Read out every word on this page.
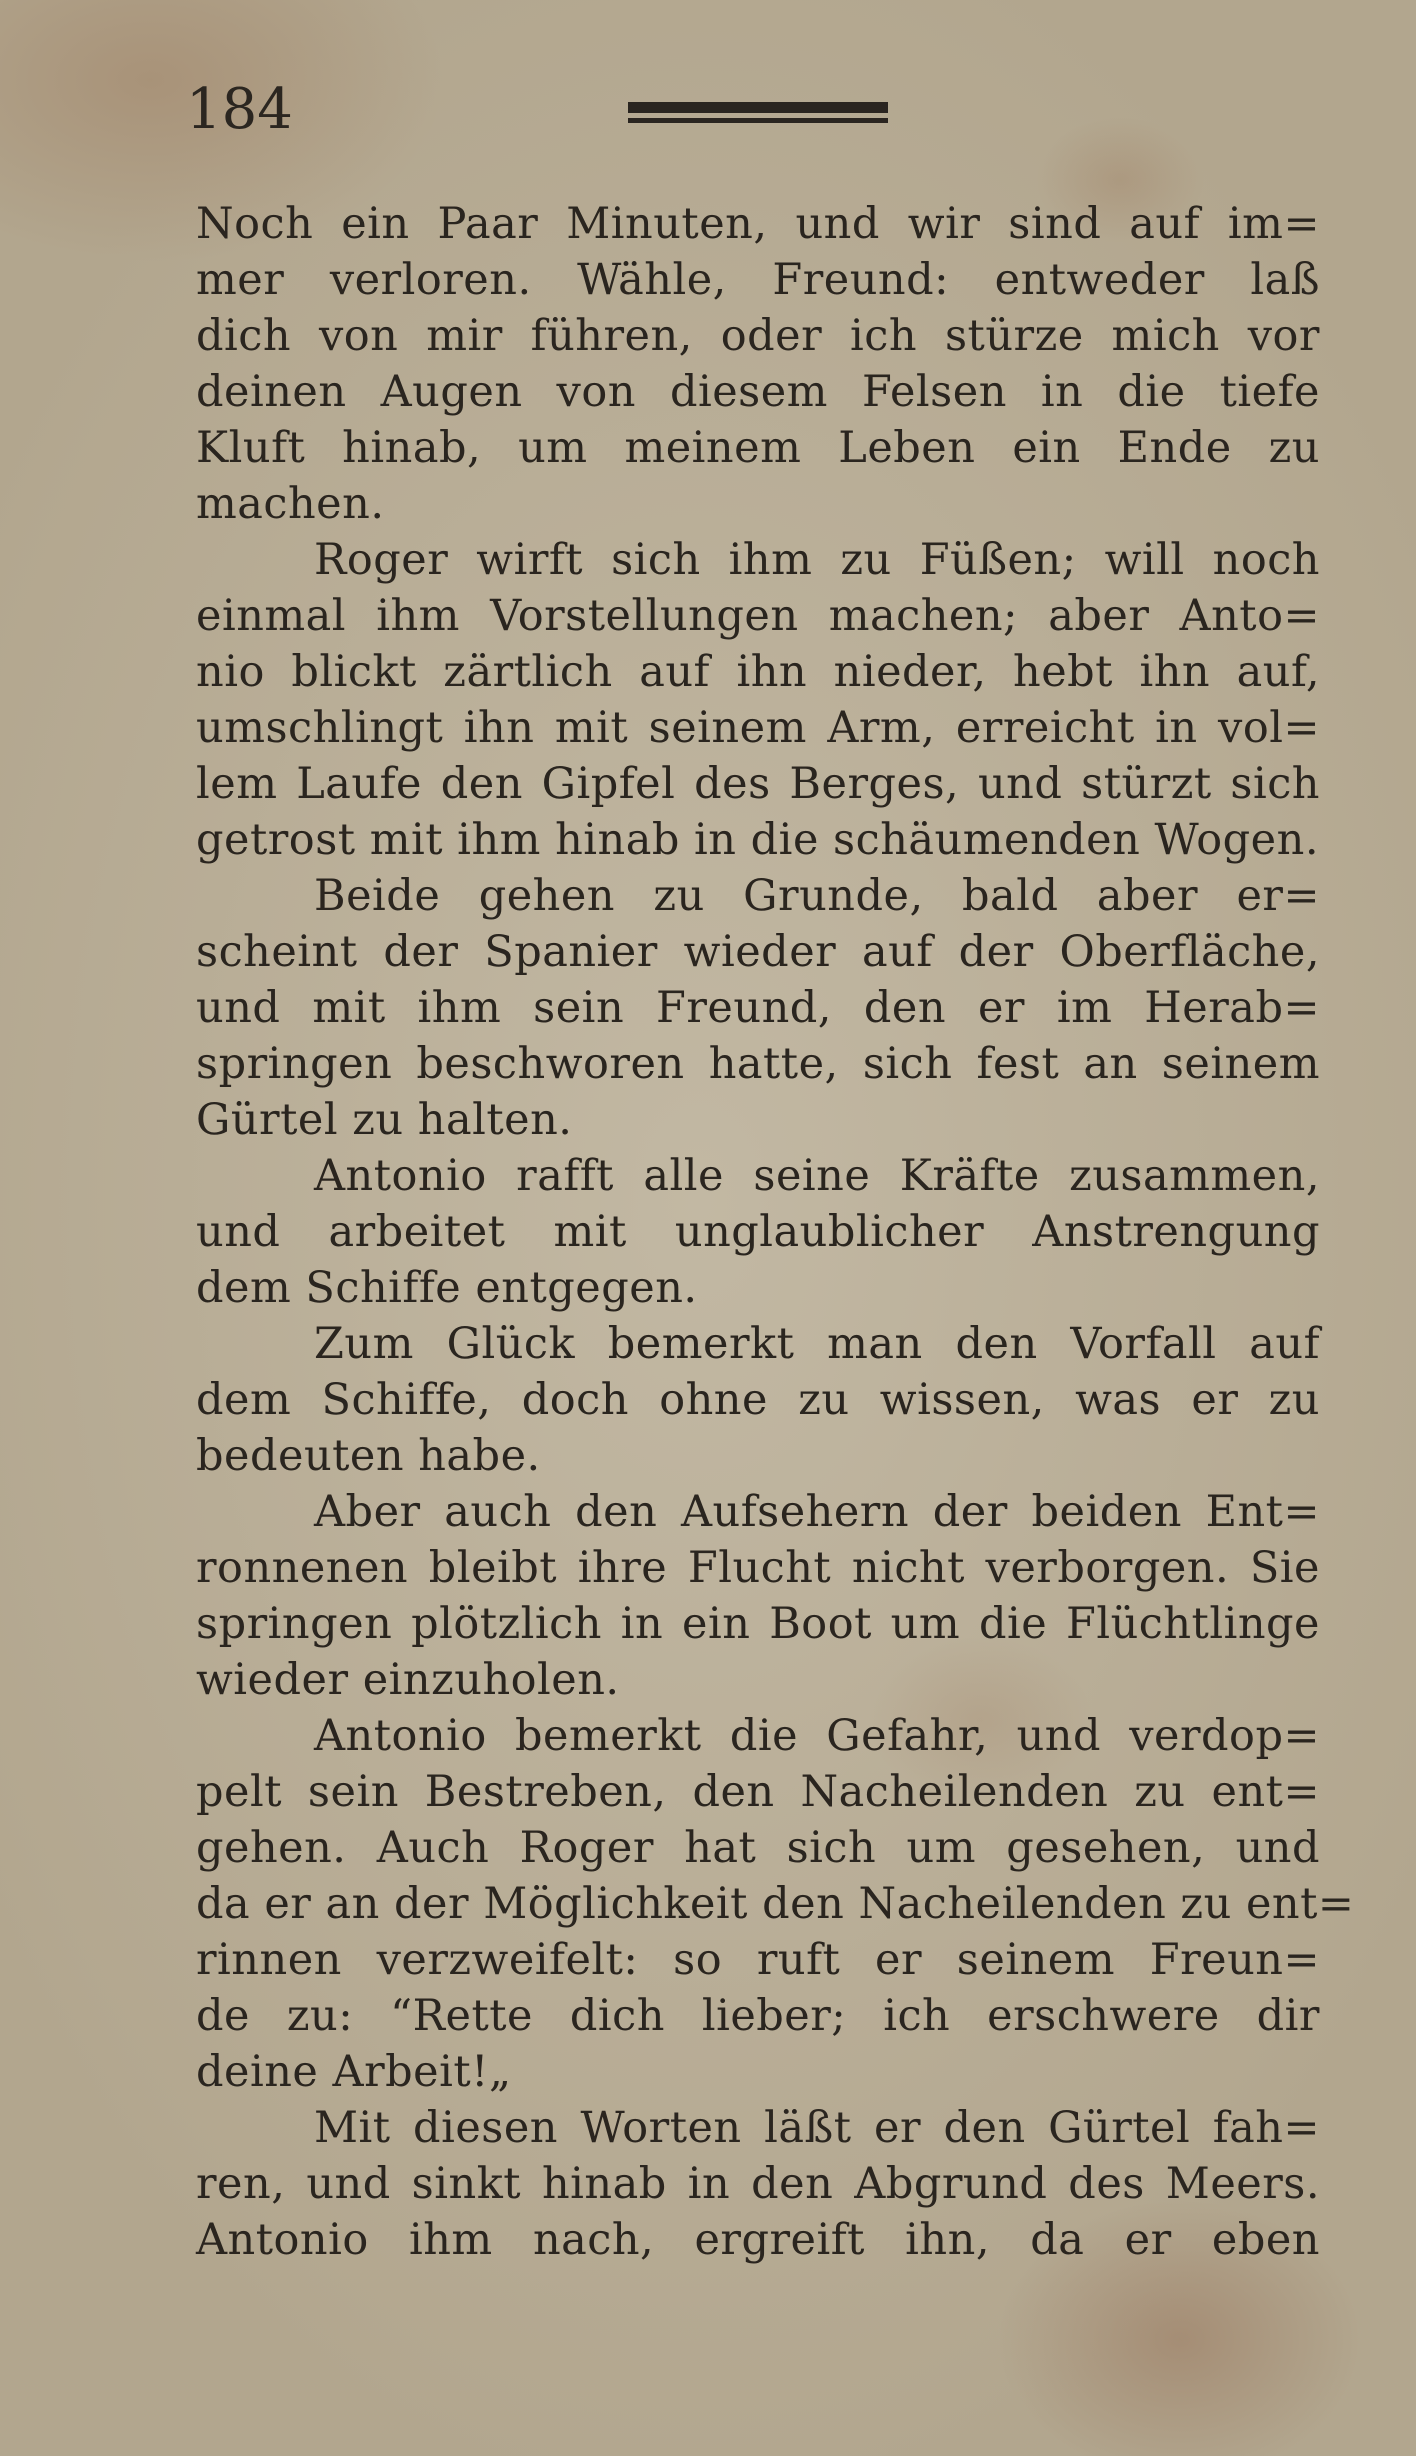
184
Noch ein Paar Minuten, und wir sind auf im=
mer verloren. Wähle, Freund: entweder laß
dich von mir führen, oder ich stürze mich vor
deinen Augen von diesem Felsen in die tiefe
Kluft hinab, um meinem Leben ein Ende zu
machen.
Roger wirft sich ihm zu Füßen; will noch
einmal ihm Vorstellungen machen; aber Anto=
nio blickt zärtlich auf ihn nieder, hebt ihn auf,
umschlingt ihn mit seinem Arm, erreicht in vol=
lem Laufe den Gipfel des Berges, und stürzt sich
getrost mit ihm hinab in die schäumenden Wogen.
Beide gehen zu Grunde, bald aber er=
scheint der Spanier wieder auf der Oberfläche,
und mit ihm sein Freund, den er im Herab=
springen beschworen hatte, sich fest an seinem
Gürtel zu halten.
Antonio rafft alle seine Kräfte zusammen,
und arbeitet mit unglaublicher Anstrengung
dem Schiffe entgegen.
Zum Glück bemerkt man den Vorfall auf
dem Schiffe, doch ohne zu wissen, was er zu
bedeuten habe.
Aber auch den Aufsehern der beiden Ent=
ronnenen bleibt ihre Flucht nicht verborgen. Sie
springen plötzlich in ein Boot um die Flüchtlinge
wieder einzuholen.
Antonio bemerkt die Gefahr, und verdop=
pelt sein Bestreben, den Nacheilenden zu ent=
gehen. Auch Roger hat sich um gesehen, und
da er an der Möglichkeit den Nacheilenden zu ent=
rinnen verzweifelt: so ruft er seinem Freun=
de zu: “Rette dich lieber; ich erschwere dir
deine Arbeit!„
Mit diesen Worten läßt er den Gürtel fah=
ren, und sinkt hinab in den Abgrund des Meers.
Antonio ihm nach, ergreift ihn, da er eben
